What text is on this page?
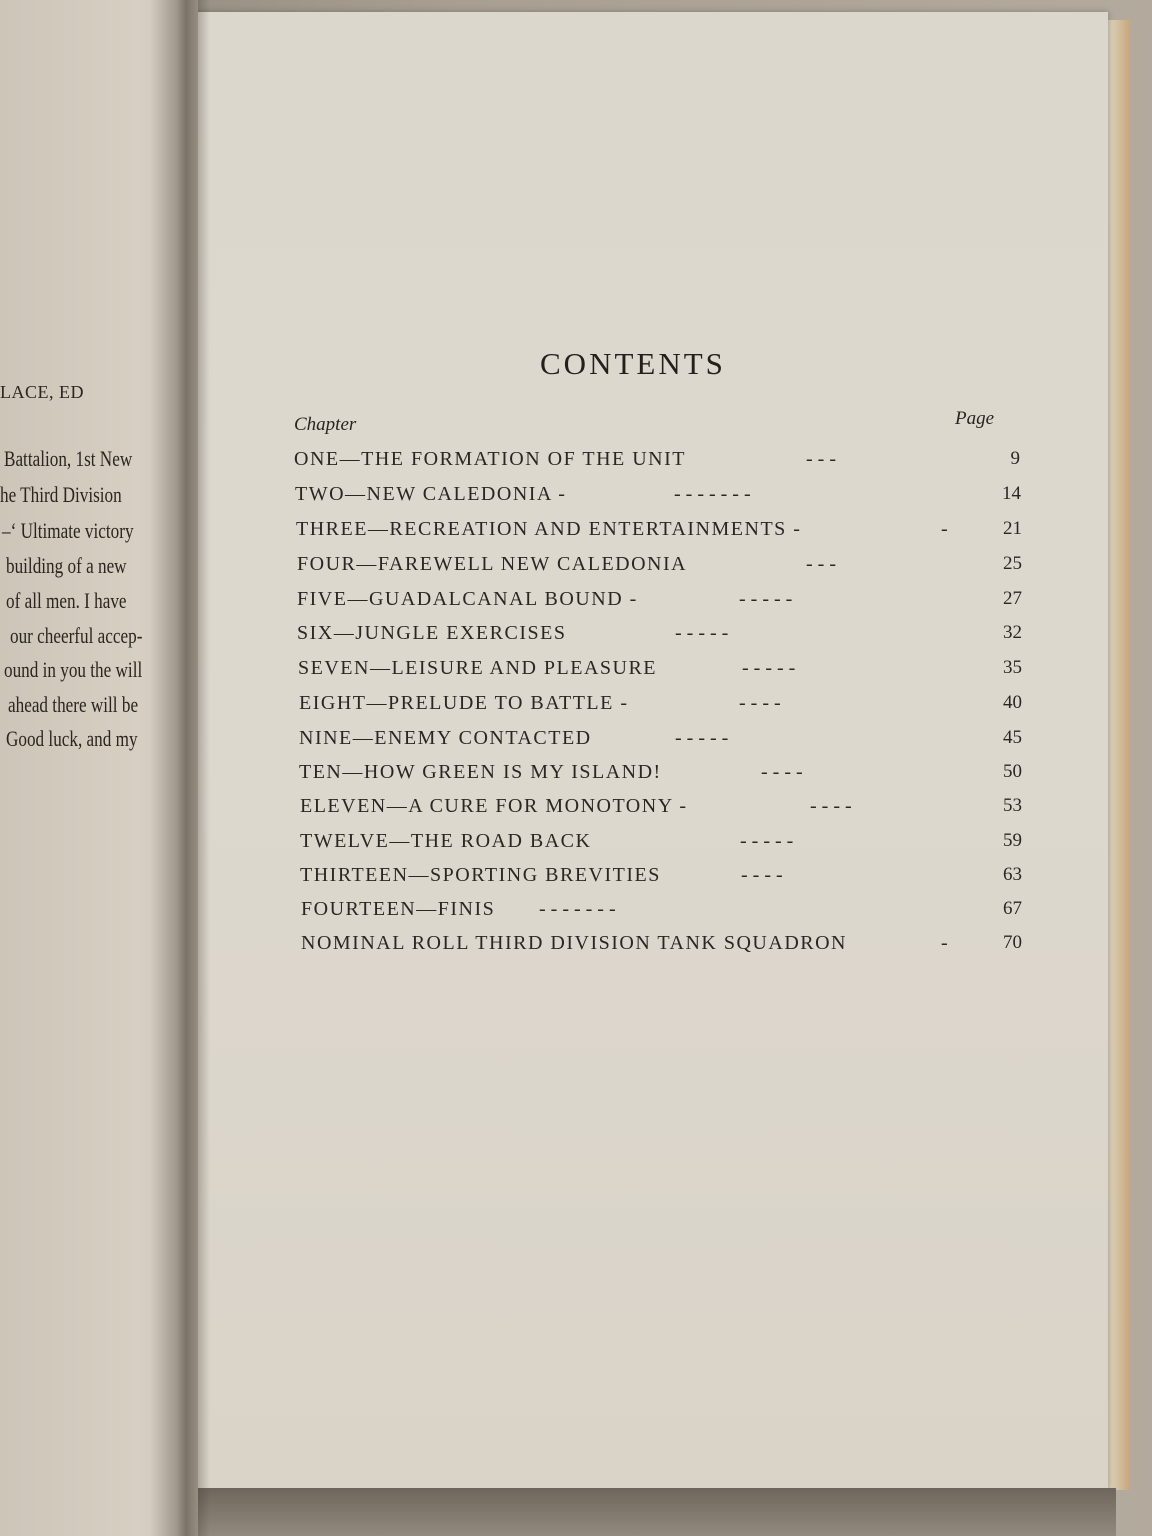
LACE, ED
Battalion, 1st New
he Third Division
–‘ Ultimate victory
building of a new
of all men. I have
our cheerful accep-
ound in you the will
ahead there will be
Good luck, and my
CONTENTS
Chapter	Page
ONE—THE FORMATION OF THE UNIT	- - -	9
TWO—NEW CALEDONIA -	- - - - - - -	14
THREE—RECREATION AND ENTERTAINMENTS -	-	21
FOUR—FAREWELL NEW CALEDONIA	- - -	25
FIVE—GUADALCANAL BOUND -	- - - - -	27
SIX—JUNGLE EXERCISES	- - - - -	32
SEVEN—LEISURE AND PLEASURE	- - - - -	35
EIGHT—PRELUDE TO BATTLE -	- - - -	40
NINE—ENEMY CONTACTED	- - - - -	45
TEN—HOW GREEN IS MY ISLAND!	- - - -	50
ELEVEN—A CURE FOR MONOTONY -	- - - -	53
TWELVE—THE ROAD BACK	- - - - -	59
THIRTEEN—SPORTING BREVITIES	- - - -	63
FOURTEEN—FINIS - - - - - - -	67
NOMINAL ROLL THIRD DIVISION TANK SQUADRON	-	70
